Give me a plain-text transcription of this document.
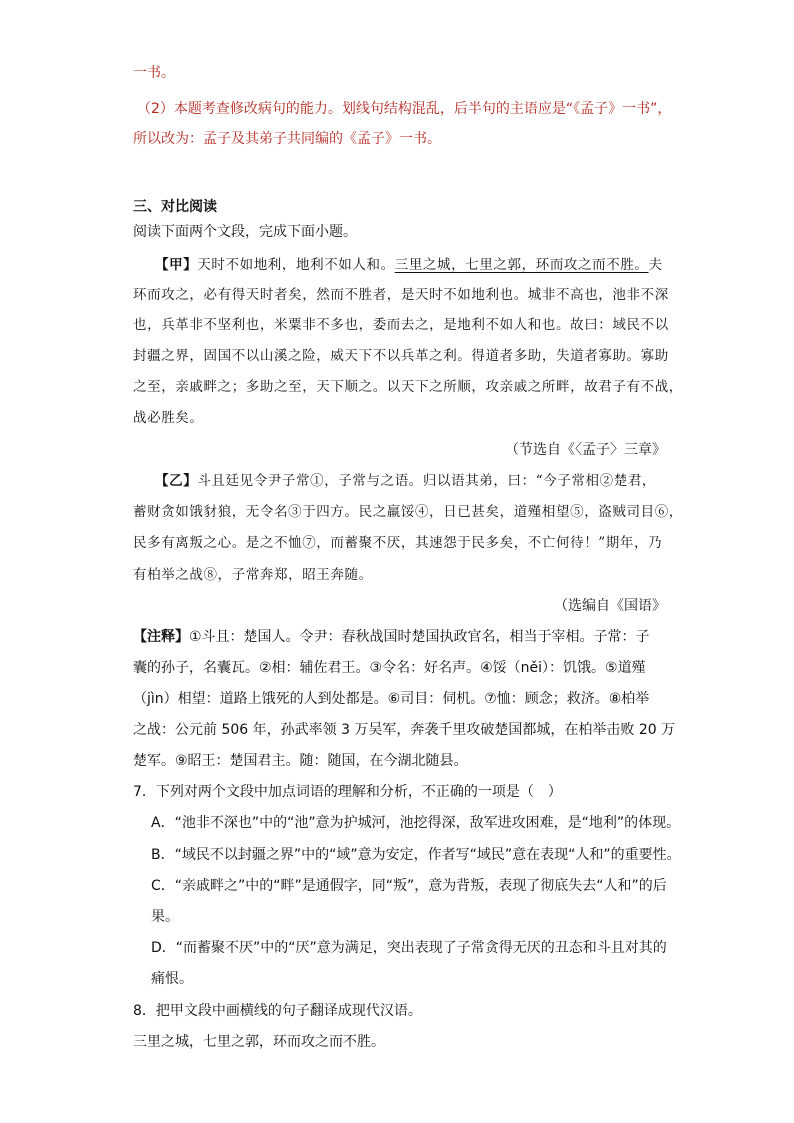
一书。
（2）本题考查修改病句的能力。划线句结构混乱，后半句的主语应是“《孟子》一书”，
所以改为：孟子及其弟子共同编的《孟子》一书。
三、对比阅读
阅读下面两个文段，完成下面小题。
【甲】天时不如地利，地利不如人和。三里之城，七里之郭，环而攻之而不胜。夫
环而攻之，必有得天时者矣，然而不胜者，是天时不如地利也。城非不高也，池非不深
也，兵革非不坚利也，米粟非不多也，委而去之，是地利不如人和也。故曰：域民不以
封疆之界，固国不以山溪之险，威天下不以兵革之利。得道者多助，失道者寡助。寡助
之至，亲戚畔之；多助之至，天下顺之。以天下之所顺，攻亲戚之所畔，故君子有不战，
战必胜矣。
（节选自《〈孟子〉三章》
【乙】斗且廷见令尹子常①，子常与之语。归以语其弟，曰：“今子常相②楚君，
蓄财贪如饿豺狼，无令名③于四方。民之羸馁④，日已甚矣，道殣相望⑤，盗贼司目⑥，
民多有离叛之心。是之不恤⑦，而蓄聚不厌，其速怨于民多矣，不亡何待！”期年，乃
有柏举之战⑧，子常奔郑，昭王奔随。
（选编自《国语》
【注释】①斗且：楚国人。令尹：春秋战国时楚国执政官名，相当于宰相。子常：子
囊的孙子，名囊瓦。②相：辅佐君王。③令名：好名声。④馁（něi）：饥饿。⑤道殣
（jìn）相望：道路上饿死的人到处都是。⑥司目：伺机。⑦恤：顾念；救济。⑧柏举
之战：公元前 506 年，孙武率领 3 万吴军，奔袭千里攻破楚国都城，在柏举击败 20 万
楚军。⑨昭王：楚国君主。随：随国，在今湖北随县。
7．下列对两个文段中加点词语的理解和分析，不正确的一项是（　）
A．“池非不深也”中的“池”意为护城河，池挖得深，敌军进攻困难，是“地利”的体现。
B．“域民不以封疆之界”中的“域”意为安定，作者写“域民”意在表现“人和”的重要性。
C．“亲戚畔之”中的“畔”是通假字，同“叛”，意为背叛，表现了彻底失去“人和”的后
果。
D．“而蓄聚不厌”中的“厌”意为满足，突出表现了子常贪得无厌的丑态和斗且对其的
痛恨。
8．把甲文段中画横线的句子翻译成现代汉语。
三里之城，七里之郭，环而攻之而不胜。
